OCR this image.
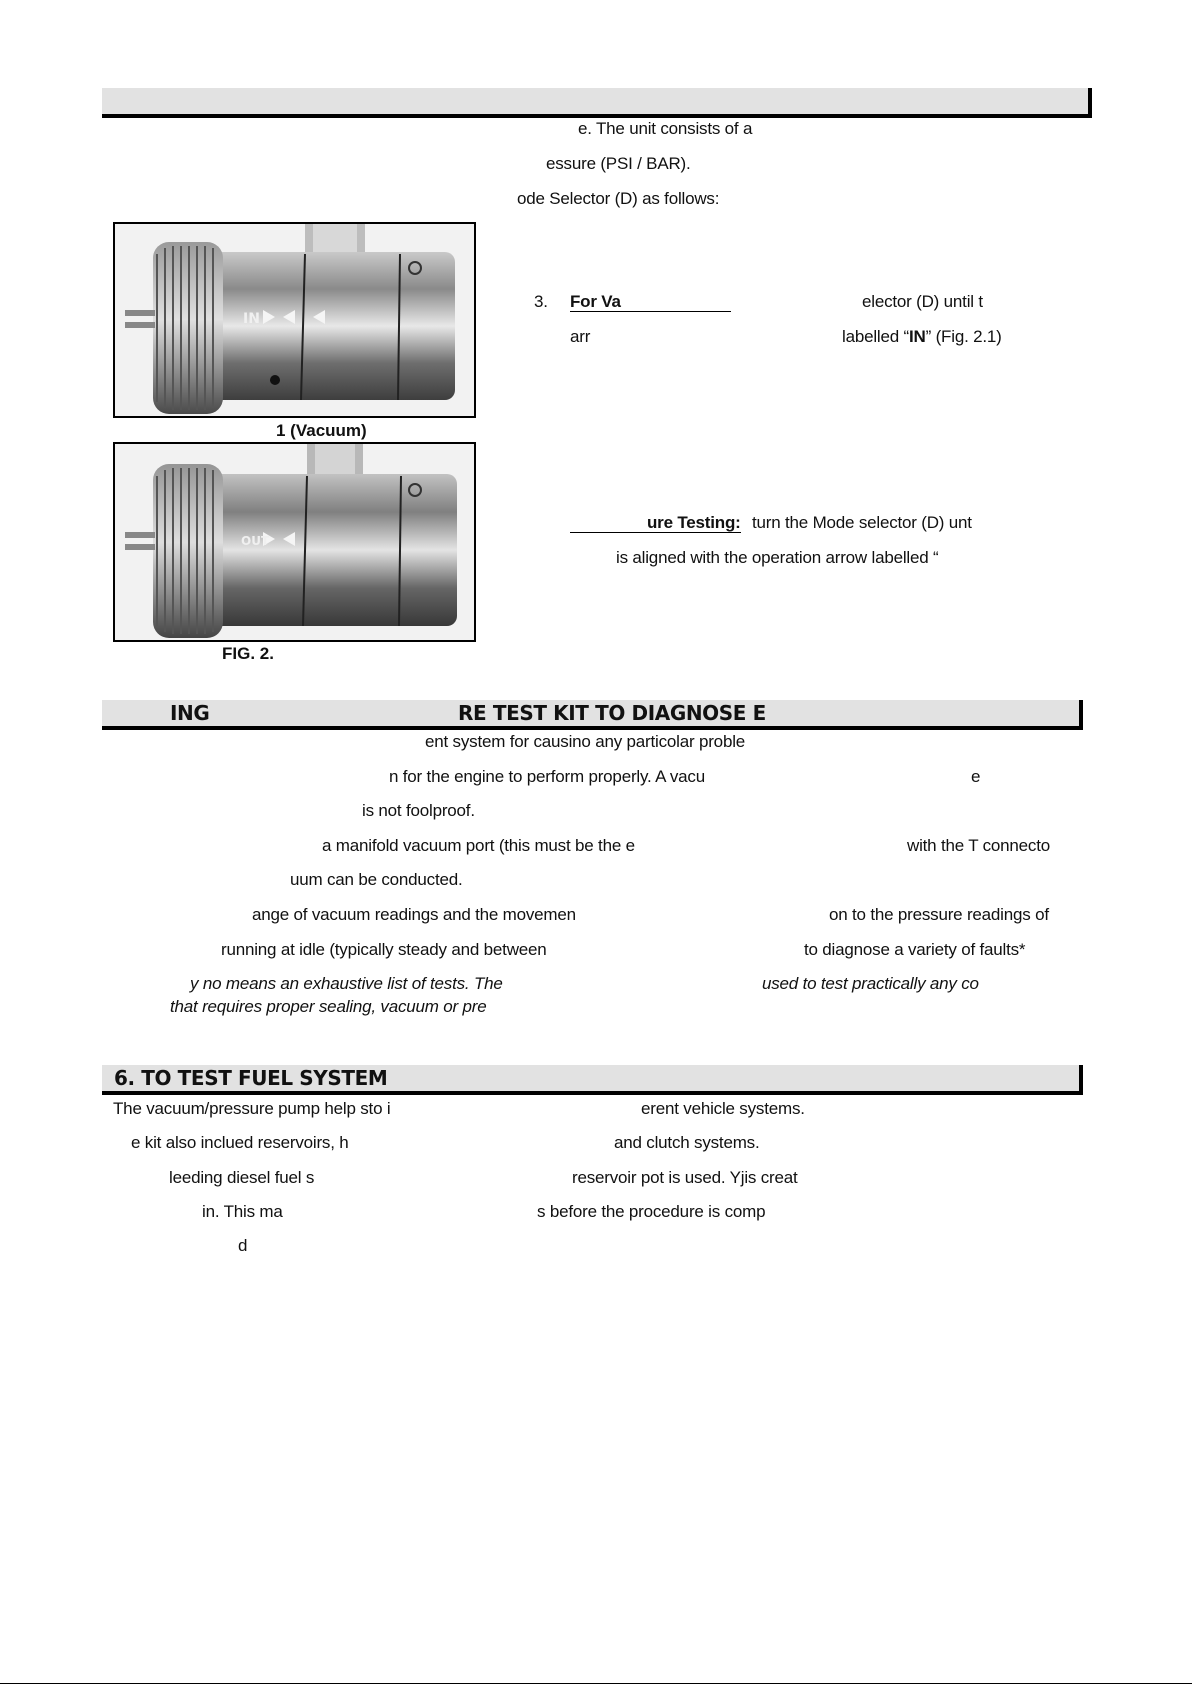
e. The unit consists of a
essure (PSI / BAR).
ode Selector (D) as follows:
IN
1 (Vacuum)
OUT
FIG. 2.
3. For Va	elector (D) until t
arr	labelled “IN” (Fig. 2.1)
ure Testing: turn the Mode selector (D) unt
is aligned with the operation arrow labelled “
ING	RE TEST KIT TO DIAGNOSE E
ent system for causino any particolar proble
n for the engine to perform properly. A vacu	e
is not foolproof.
a manifold vacuum port (this must be the e	with the T connecto
uum can be conducted.
ange of vacuum readings and the movemen	on to the pressure readings of
running at idle (typically steady and between	to diagnose a variety of faults*
y no means an exhaustive list of tests. The	used to test practically any co
that requires proper sealing, vacuum or pre
6. TO TEST FUEL SYSTEM
The vacuum/pressure pump help sto i	erent vehicle systems.
e kit also inclued reservoirs, h	and clutch systems.
leeding diesel fuel s	reservoir pot is used. Yjis creat
in. This ma	s before the procedure is comp
d
